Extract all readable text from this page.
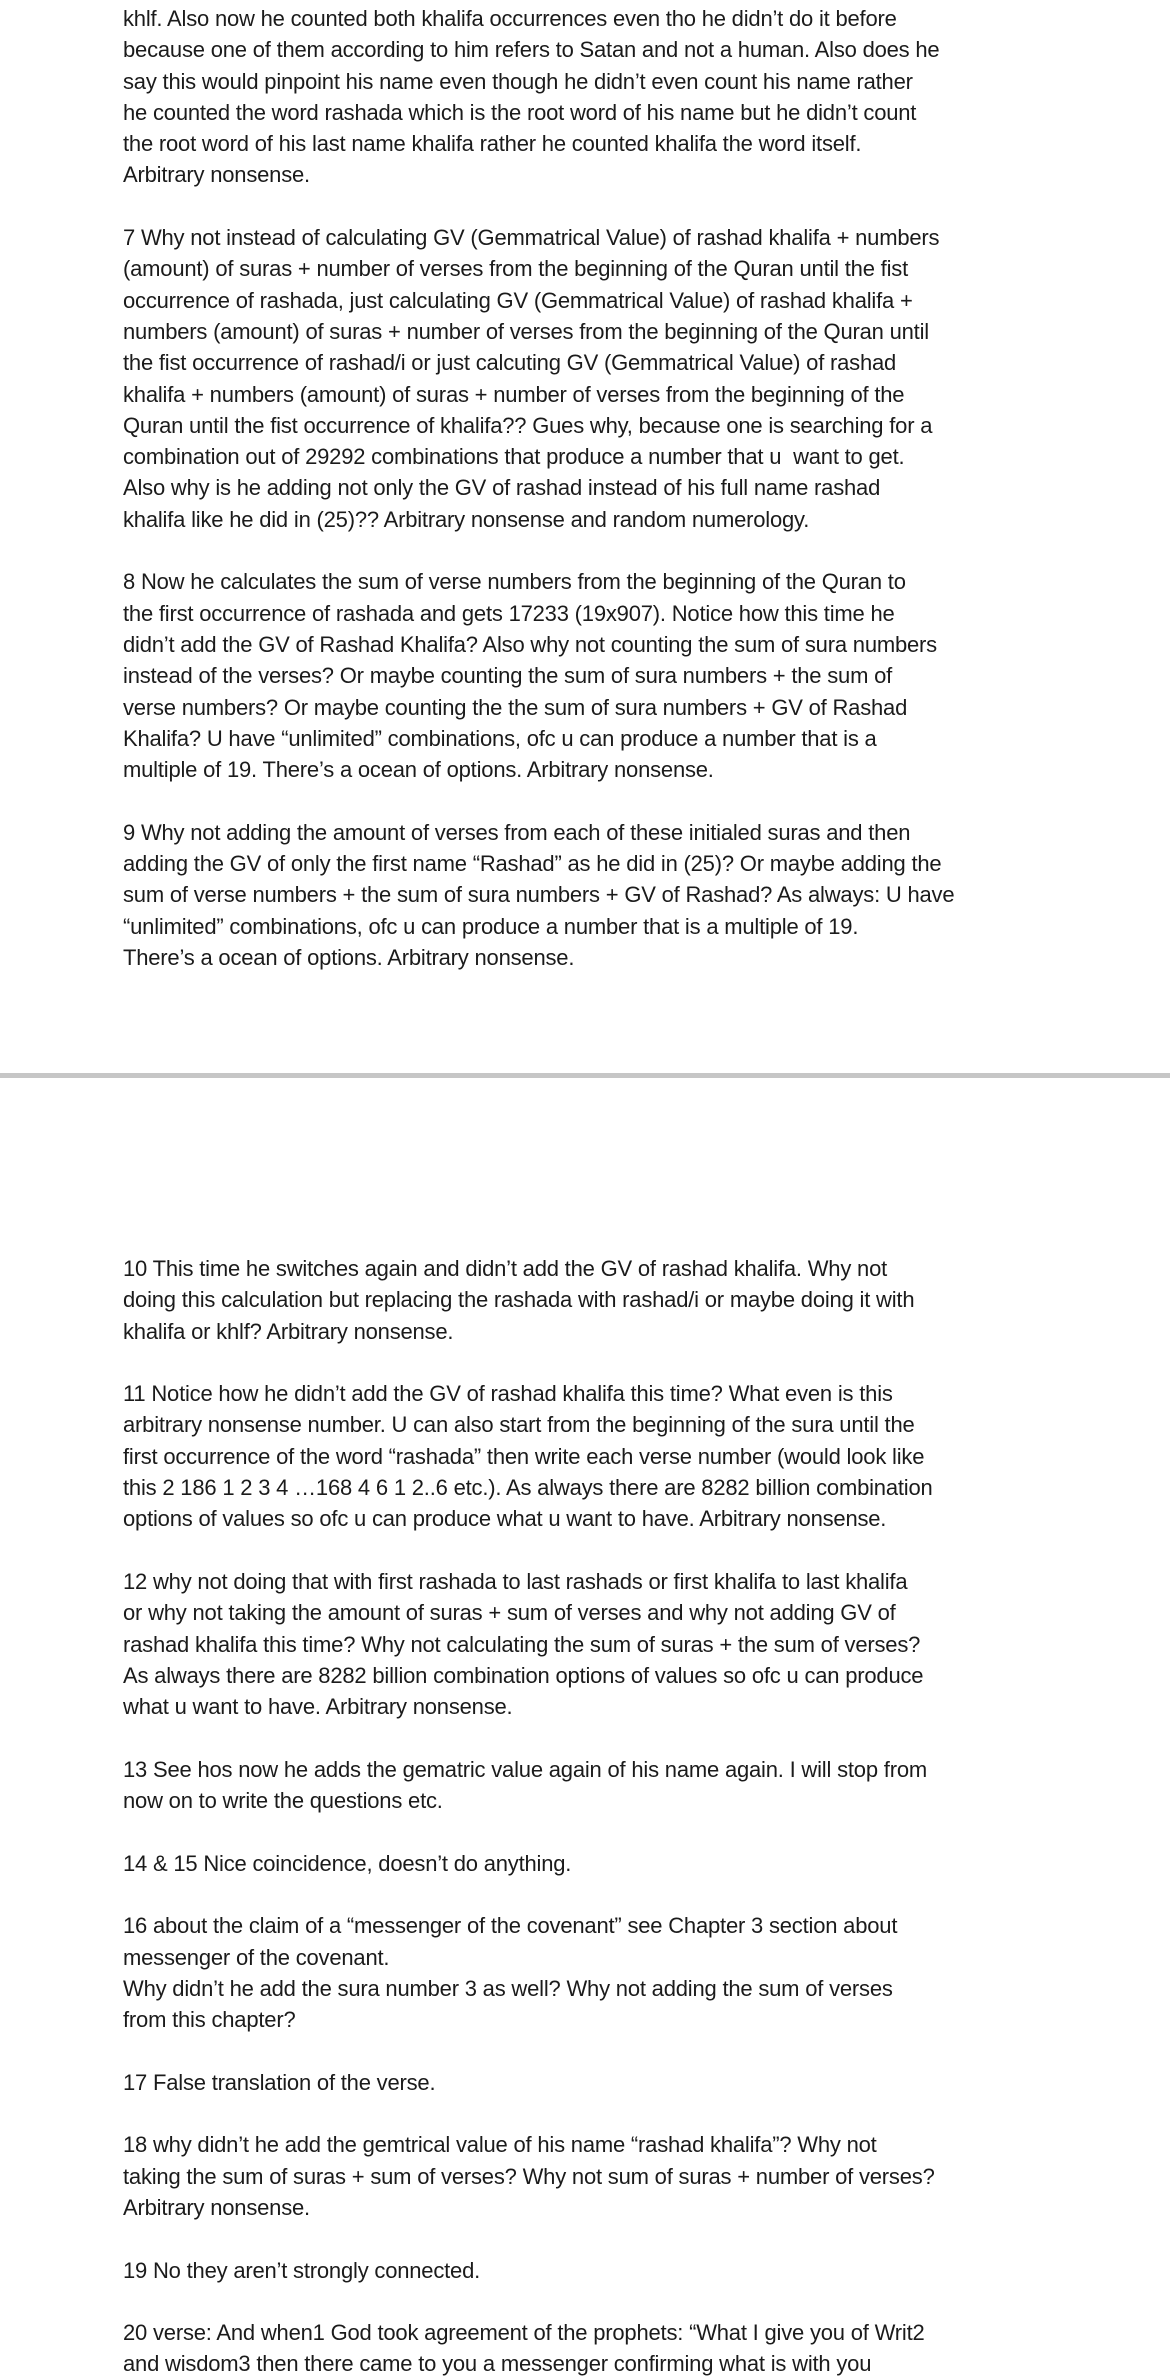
khlf. Also now he counted both khalifa occurrences even tho he didn’t do it before
because one of them according to him refers to Satan and not a human. Also does he
say this would pinpoint his name even though he didn’t even count his name rather
he counted the word rashada which is the root word of his name but he didn’t count
the root word of his last name khalifa rather he counted khalifa the word itself.
Arbitrary nonsense.

7 Why not instead of calculating GV (Gemmatrical Value) of rashad khalifa + numbers
(amount) of suras + number of verses from the beginning of the Quran until the fist
occurrence of rashada, just calculating GV (Gemmatrical Value) of rashad khalifa +
numbers (amount) of suras + number of verses from the beginning of the Quran until
the fist occurrence of rashad/i or just calcuting GV (Gemmatrical Value) of rashad
khalifa + numbers (amount) of suras + number of verses from the beginning of the
Quran until the fist occurrence of khalifa?? Gues why, because one is searching for a
combination out of 29292 combinations that produce a number that u  want to get.
Also why is he adding not only the GV of rashad instead of his full name rashad
khalifa like he did in (25)?? Arbitrary nonsense and random numerology.

8 Now he calculates the sum of verse numbers from the beginning of the Quran to
the first occurrence of rashada and gets 17233 (19x907). Notice how this time he
didn’t add the GV of Rashad Khalifa? Also why not counting the sum of sura numbers
instead of the verses? Or maybe counting the sum of sura numbers + the sum of
verse numbers? Or maybe counting the the sum of sura numbers + GV of Rashad
Khalifa? U have “unlimited” combinations, ofc u can produce a number that is a
multiple of 19. There’s a ocean of options. Arbitrary nonsense.

9 Why not adding the amount of verses from each of these initialed suras and then
adding the GV of only the first name “Rashad” as he did in (25)? Or maybe adding the
sum of verse numbers + the sum of sura numbers + GV of Rashad? As always: U have
“unlimited” combinations, ofc u can produce a number that is a multiple of 19.
There’s a ocean of options. Arbitrary nonsense.

10 This time he switches again and didn’t add the GV of rashad khalifa. Why not
doing this calculation but replacing the rashada with rashad/i or maybe doing it with
khalifa or khlf? Arbitrary nonsense.

11 Notice how he didn’t add the GV of rashad khalifa this time? What even is this
arbitrary nonsense number. U can also start from the beginning of the sura until the
first occurrence of the word “rashada” then write each verse number (would look like
this 2 186 1 2 3 4 …168 4 6 1 2..6 etc.). As always there are 8282 billion combination
options of values so ofc u can produce what u want to have. Arbitrary nonsense.

12 why not doing that with first rashada to last rashads or first khalifa to last khalifa
or why not taking the amount of suras + sum of verses and why not adding GV of
rashad khalifa this time? Why not calculating the sum of suras + the sum of verses?
As always there are 8282 billion combination options of values so ofc u can produce
what u want to have. Arbitrary nonsense.

13 See hos now he adds the gematric value again of his name again. I will stop from
now on to write the questions etc.

14 & 15 Nice coincidence, doesn’t do anything.

16 about the claim of a “messenger of the covenant” see Chapter 3 section about
messenger of the covenant.
Why didn’t he add the sura number 3 as well? Why not adding the sum of verses
from this chapter?

17 False translation of the verse.

18 why didn’t he add the gemtrical value of his name “rashad khalifa”? Why not
taking the sum of suras + sum of verses? Why not sum of suras + number of verses?
Arbitrary nonsense.

19 No they aren’t strongly connected.

20 verse: And when1 God took agreement of the prophets: “What I give you of Writ2
and wisdom3 then there came to you a messenger confirming what is with you
